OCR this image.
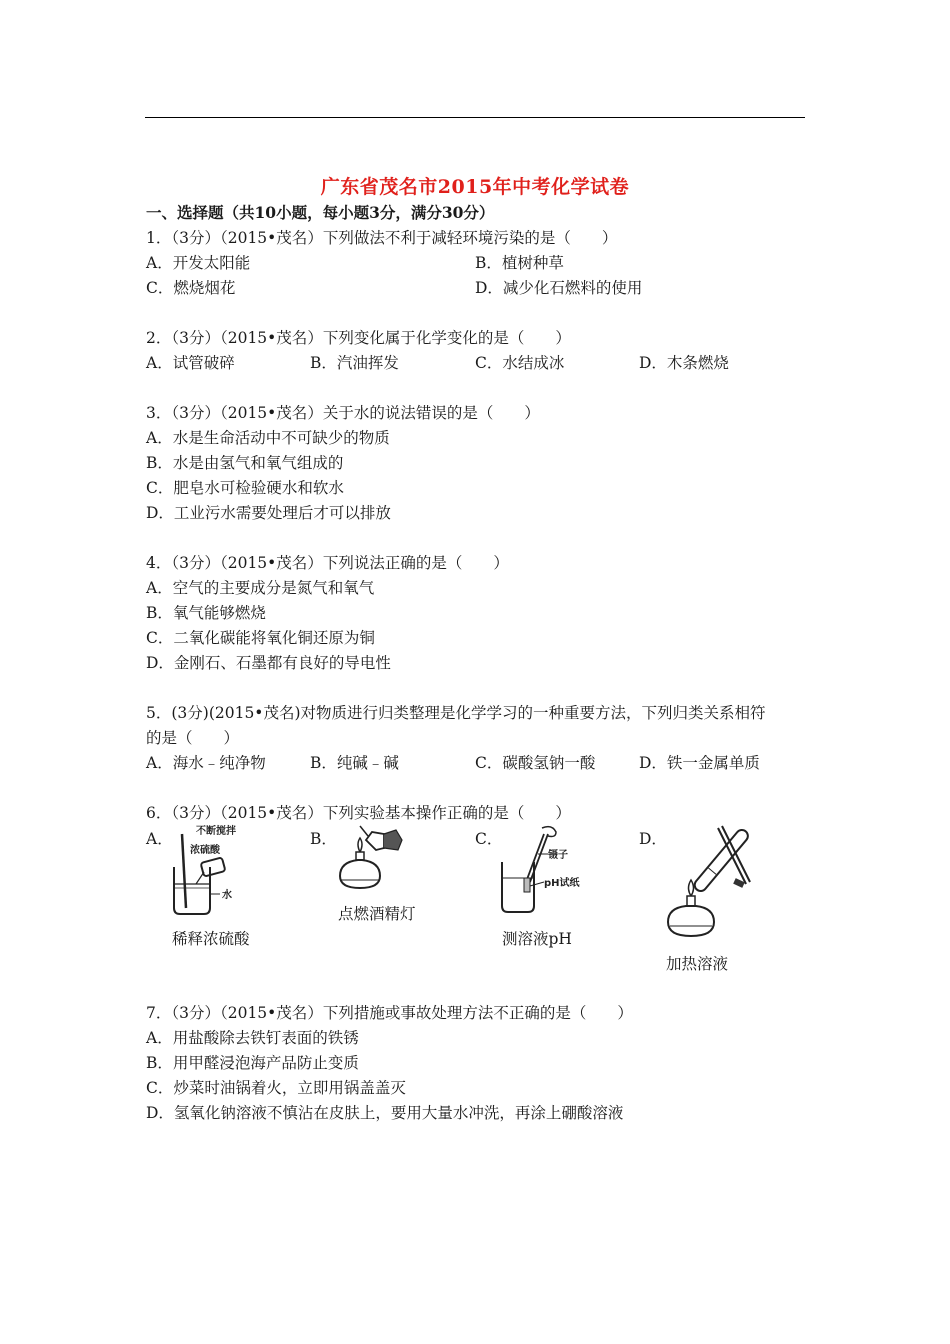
广东省茂名市2015年中考化学试卷
一、选择题（共10小题，每小题3分，满分30分）
1．（3分）（2015•茂名）下列做法不利于减轻环境污染的是（　　）
A．开发太阳能	B．植树种草
C．燃烧烟花	D．减少化石燃料的使用
2．（3分）（2015•茂名）下列变化属于化学变化的是（　　）
A．试管破碎	B．汽油挥发	C．水结成冰	D．木条燃烧
3．（3分）（2015•茂名）关于水的说法错误的是（　　）
A．水是生命活动中不可缺少的物质
B．水是由氢气和氧气组成的
C．肥皂水可检验硬水和软水
D．工业污水需要处理后才可以排放
4．（3分）（2015•茂名）下列说法正确的是（　　）
A．空气的主要成分是氮气和氧气
B．氧气能够燃烧
C．二氧化碳能将氧化铜还原为铜
D．金刚石、石墨都有良好的导电性
5．(3分)(2015•茂名)对物质进行归类整理是化学学习的一种重要方法，下列归类关系相符
的是（　　）
A．海水﹣纯净物	B．纯碱﹣碱	C．碳酸氢钠一酸	D．铁一金属单质
6．（3分）（2015•茂名）下列实验基本操作正确的是（　　）
A．	B．	C．	D．
不断搅拌
浓硫酸
水
稀释浓硫酸
点燃酒精灯
镊子
pH试纸
测溶液pH
加热溶液
7．（3分）（2015•茂名）下列措施或事故处理方法不正确的是（　　）
A．用盐酸除去铁钉表面的铁锈
B．用甲醛浸泡海产品防止变质
C．炒菜时油锅着火，立即用锅盖盖灭
D．氢氧化钠溶液不慎沾在皮肤上，要用大量水冲洗，再涂上硼酸溶液
